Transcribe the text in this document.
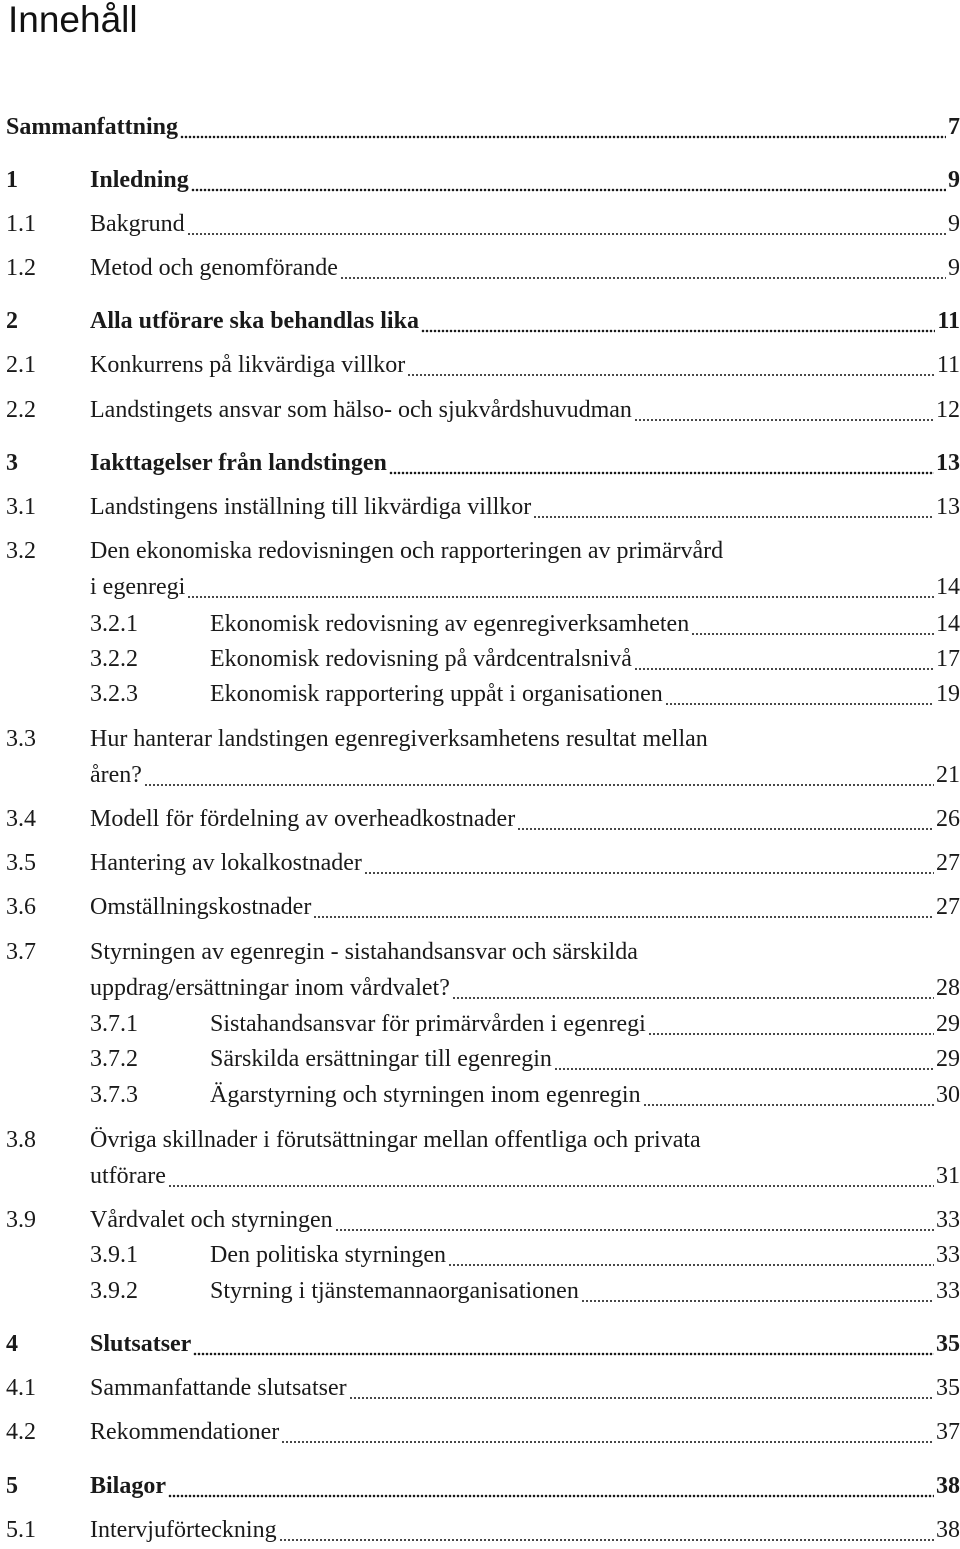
Innehåll
Sammanfattning	7
1	Inledning	9
1.1 Bakgrund	9
1.2 Metod och genomförande	9
2	Alla utförare ska behandlas lika	11
2.1 Konkurrens på likvärdiga villkor	11
2.2 Landstingets ansvar som hälso- och sjukvårdshuvudman	12
3	Iakttagelser från landstingen	13
3.1 Landstingens inställning till likvärdiga villkor	13
3.2 Den ekonomiska redovisningen och rapporteringen av primärvård
i egenregi	14
3.2.1	Ekonomisk redovisning av egenregiverksamheten	14
3.2.2	Ekonomisk redovisning på vårdcentralsnivå	17
3.2.3	Ekonomisk rapportering uppåt i organisationen	19
3.3 Hur hanterar landstingen egenregiverksamhetens resultat mellan
åren?	21
3.4 Modell för fördelning av overheadkostnader	26
3.5 Hantering av lokalkostnader	27
3.6 Omställningskostnader	27
3.7 Styrningen av egenregin - sistahandsansvar och särskilda
uppdrag/ersättningar inom vårdvalet?	28
3.7.1	Sistahandsansvar för primärvården i egenregi	29
3.7.2	Särskilda ersättningar till egenregin	29
3.7.3	Ägarstyrning och styrningen inom egenregin	30
3.8 Övriga skillnader i förutsättningar mellan offentliga och privata
utförare	31
3.9 Vårdvalet och styrningen	33
3.9.1	Den politiska styrningen	33
3.9.2	Styrning i tjänstemannaorganisationen	33
4	Slutsatser	35
4.1 Sammanfattande slutsatser	35
4.2 Rekommendationer	37
5	Bilagor	38
5.1 Intervjuförteckning	38
